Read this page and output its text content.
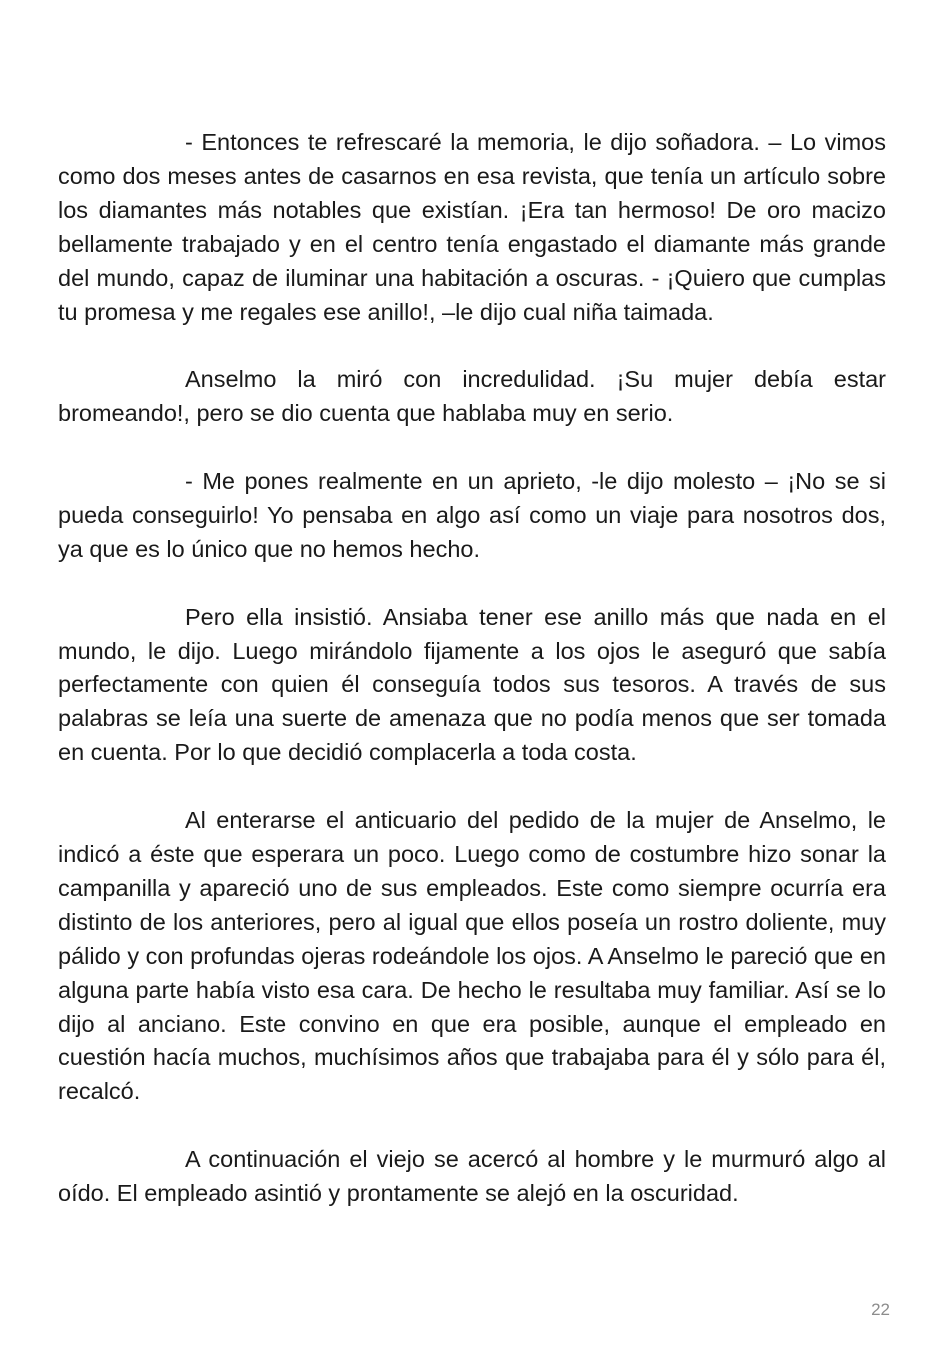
- Entonces te refrescaré la memoria, le dijo soñadora. – Lo vimos como dos meses antes de casarnos en esa revista, que tenía un artículo sobre los diamantes más notables que existían. ¡Era tan hermoso! De oro macizo bellamente trabajado y en el centro tenía engastado el diamante más grande del mundo, capaz de iluminar una habitación a oscuras. - ¡Quiero que cumplas tu promesa y me regales ese anillo!, –le dijo cual niña taimada.

Anselmo la miró con incredulidad. ¡Su mujer debía estar bromeando!, pero se dio cuenta que hablaba muy en serio.

- Me pones realmente en un aprieto, -le dijo molesto – ¡No se si pueda conseguirlo! Yo pensaba en algo así como un viaje para nosotros dos, ya que es lo único que no hemos hecho.

Pero ella insistió. Ansiaba tener ese anillo más que nada en el mundo, le dijo. Luego mirándolo fijamente a los ojos le aseguró que sabía perfectamente con quien él conseguía todos sus tesoros. A través de sus palabras se leía una suerte de amenaza que no podía menos que ser tomada en cuenta. Por lo que decidió complacerla a toda costa.

Al enterarse el anticuario del pedido de la mujer de Anselmo, le indicó a éste que esperara un poco. Luego como de costumbre hizo sonar la campanilla y apareció uno de sus empleados. Este como siempre ocurría era distinto de los anteriores, pero al igual que ellos poseía un rostro doliente, muy pálido y con profundas ojeras rodeándole los ojos. A Anselmo le pareció que en alguna parte había visto esa cara. De hecho le resultaba muy familiar. Así se lo dijo al anciano. Este convino en que era posible, aunque el empleado en cuestión hacía muchos, muchísimos años que trabajaba para él y sólo para él, recalcó.

A continuación el viejo se acercó al hombre y le murmuró algo al oído. El empleado asintió y prontamente se alejó en la oscuridad.

22
